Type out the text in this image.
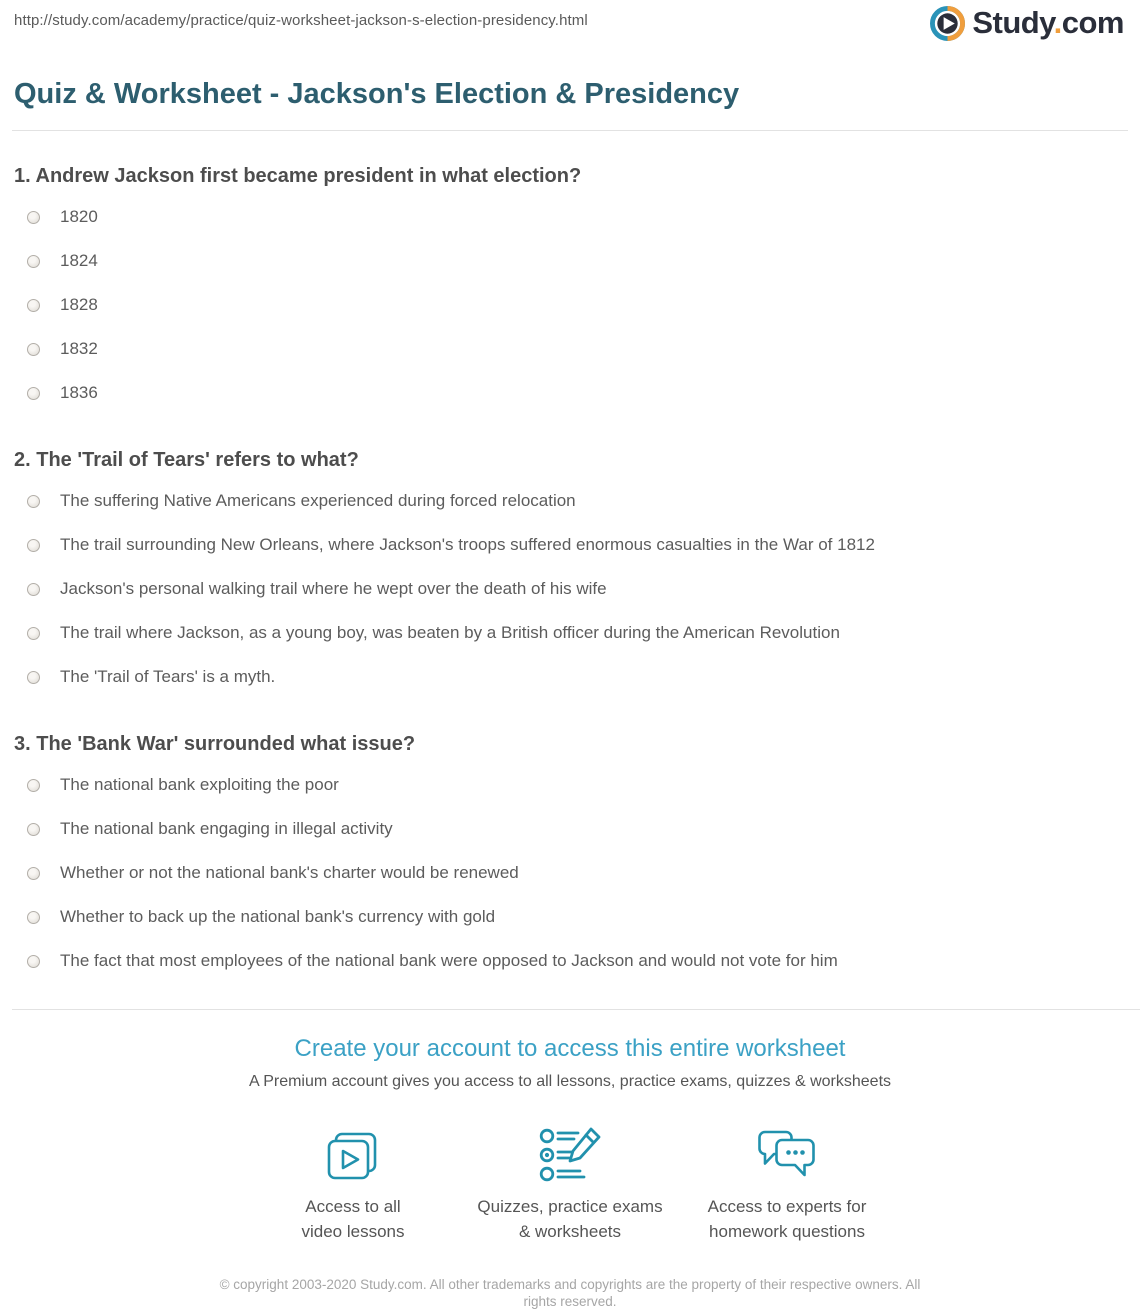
http://study.com/academy/practice/quiz-worksheet-jackson-s-election-presidency.html	Study.com
Quiz & Worksheet - Jackson's Election & Presidency
1. Andrew Jackson first became president in what election?
1820
1824
1828
1832
1836
2. The 'Trail of Tears' refers to what?
The suffering Native Americans experienced during forced relocation
The trail surrounding New Orleans, where Jackson's troops suffered enormous casualties in the War of 1812
Jackson's personal walking trail where he wept over the death of his wife
The trail where Jackson, as a young boy, was beaten by a British officer during the American Revolution
The 'Trail of Tears' is a myth.
3. The 'Bank War' surrounded what issue?
The national bank exploiting the poor
The national bank engaging in illegal activity
Whether or not the national bank's charter would be renewed
Whether to back up the national bank's currency with gold
The fact that most employees of the national bank were opposed to Jackson and would not vote for him
Create your account to access this entire worksheet
A Premium account gives you access to all lessons, practice exams, quizzes & worksheets
Access to all
video lessons
Quizzes, practice exams
& worksheets
Access to experts for
homework questions
© copyright 2003-2020 Study.com. All other trademarks and copyrights are the property of their respective owners. All rights reserved.
